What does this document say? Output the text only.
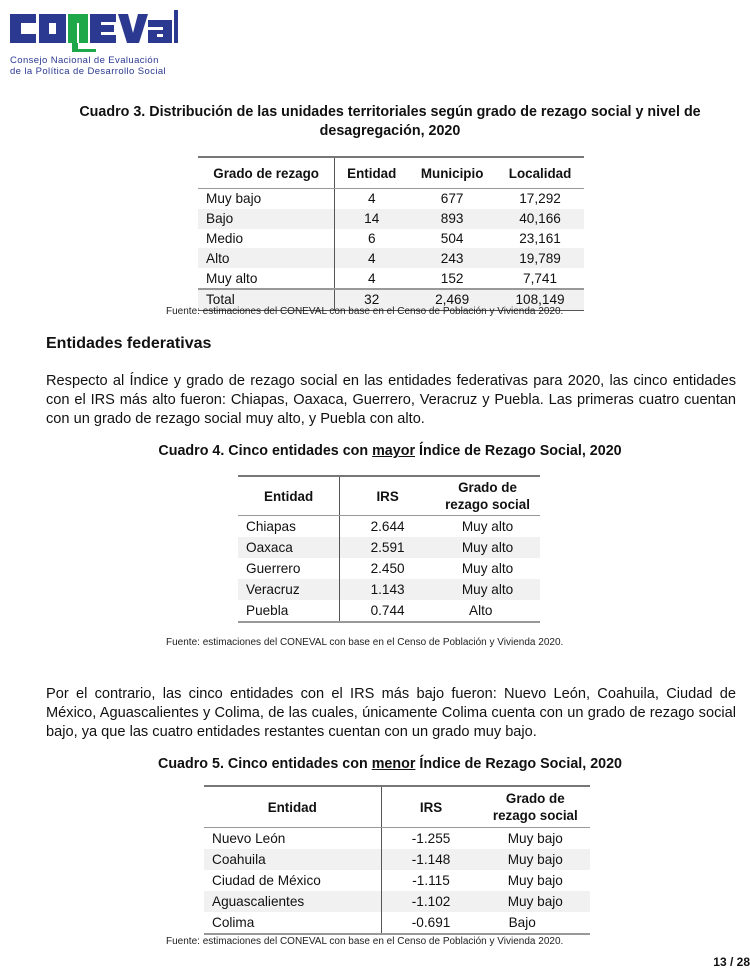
Consejo Nacional de Evaluación
de la Política de Desarrollo Social
Cuadro 3. Distribución de las unidades territoriales según grado de rezago social y nivel de
desagregación, 2020
Grado de rezago	Entidad	Municipio	Localidad
Muy bajo	4	677	17,292
Bajo	14	893	40,166
Medio	6	504	23,161
Alto	4	243	19,789
Muy alto	4	152	7,741
Total	32	2,469	108,149
Fuente: estimaciones del CONEVAL con base en el Censo de Población y Vivienda 2020.
Entidades federativas
Respecto al Índice y grado de rezago social en las entidades federativas para 2020, las cinco entidades con el IRS más alto fueron: Chiapas, Oaxaca, Guerrero, Veracruz y Puebla. Las primeras cuatro cuentan con un grado de rezago social muy alto, y Puebla con alto.
Cuadro 4. Cinco entidades con mayor Índice de Rezago Social, 2020
Entidad	IRS	Grado de rezago social
Chiapas	2.644	Muy alto
Oaxaca	2.591	Muy alto
Guerrero	2.450	Muy alto
Veracruz	1.143	Muy alto
Puebla	0.744	Alto
Fuente: estimaciones del CONEVAL con base en el Censo de Población y Vivienda 2020.
Por el contrario, las cinco entidades con el IRS más bajo fueron: Nuevo León, Coahuila, Ciudad de México, Aguascalientes y Colima, de las cuales, únicamente Colima cuenta con un grado de rezago social bajo, ya que las cuatro entidades restantes cuentan con un grado muy bajo.
Cuadro 5. Cinco entidades con menor Índice de Rezago Social, 2020
Entidad	IRS	Grado de rezago social
Nuevo León	-1.255	Muy bajo
Coahuila	-1.148	Muy bajo
Ciudad de México	-1.115	Muy bajo
Aguascalientes	-1.102	Muy bajo
Colima	-0.691	Bajo
Fuente: estimaciones del CONEVAL con base en el Censo de Población y Vivienda 2020.
13 / 28
